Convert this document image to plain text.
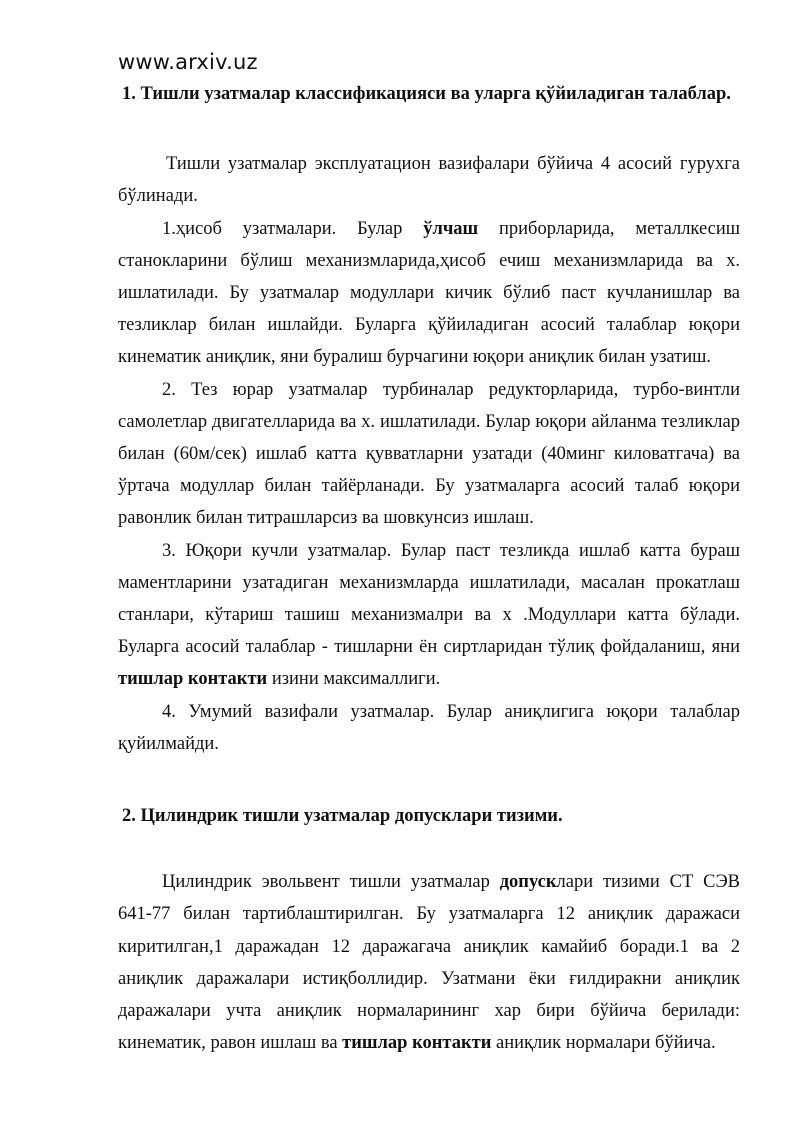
www.arxiv.uz
1. Тишли узатмалар классификацияси ва уларга қўйиладиган талаблар.

Тишли узатмалар эксплуатацион вазифалари бўйича 4 асосий гурухга бўлинади.

1.ҳисоб узатмалари. Булар ўлчаш приборларида, металлкесиш станокларини бўлиш механизмларида,ҳисоб ечиш механизмларида ва х. ишлатилади. Бу узатмалар модуллари кичик бўлиб паст кучланишлар ва тезликлар билан ишлайди. Буларга қўйиладиган асосий талаблар юқори кинематик аниқлик, яни буралиш бурчагини юқори аниқлик билан узатиш.

2. Тез юрар узатмалар турбиналар редукторларида, турбо-винтли самолетлар двигателларида ва х. ишлатилади. Булар юқори айланма тезликлар билан (60м/сек) ишлаб катта қувватларни узатади (40минг киловатгача) ва ўртача модуллар билан тайёрланади. Бу узатмаларга асосий талаб юқори равонлик билан титрашларсиз ва шовкунсиз ишлаш.

3. Юқори кучли узатмалар. Булар паст тезликда ишлаб катта бураш маментларини узатадиган механизмларда ишлатилади, масалан прокатлаш станлари, кўтариш ташиш механизмалри ва х .Модуллари катта бўлади. Буларга асосий талаблар - тишларни ён сиртларидан тўлиқ фойдаланиш, яни тишлар контакти изини максималлиги.

4. Умумий вазифали узатмалар. Булар аниқлигига юқори талаблар қуйилмайди.

2. Цилиндрик тишли узатмалар допусклари тизими.

Цилиндрик эвольвент тишли узатмалар допусклари тизими СТ СЭВ 641-77 билан тартиблаштирилган. Бу узатмаларга 12 аниқлик даражаси киритилган,1 даражадан 12 даражагача аниқлик камайиб боради.1 ва 2 аниқлик даражалари истиқболлидир. Узатмани ёки ғилдиракни аниқлик даражалари учта аниқлик нормаларининг хар бири бўйича берилади: кинематик, равон ишлаш ва тишлар контакти аниқлик нормалари бўйича.
